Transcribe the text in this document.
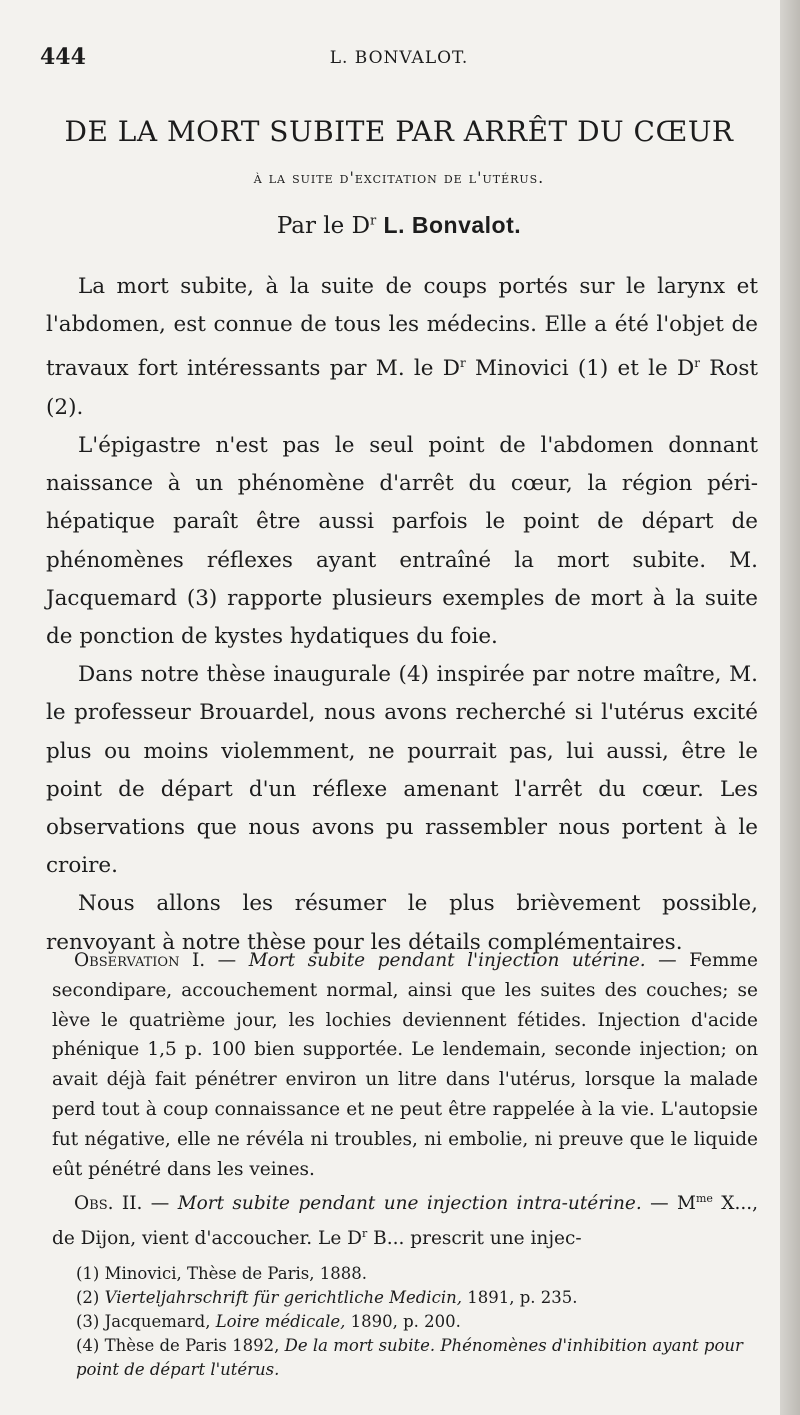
444	L. BONVALOT.
DE LA MORT SUBITE PAR ARRÊT DU CŒUR
à la suite d'excitation de l'utérus.
Par le $D^r$ L. Bonvalot.

La mort subite, à la suite de coups portés sur le larynx et l'abdomen, est connue de tous les médecins. Elle a été l'objet de travaux fort intéressants par M. le $D^r$ Minovici (1) et le $D^r$ Rost (2).

L'épigastre n'est pas le seul point de l'abdomen donnant naissance à un phénomène d'arrêt du cœur, la région péri-hépatique paraît être aussi parfois le point de départ de phénomènes réflexes ayant entraîné la mort subite. M. Jacquemard (3) rapporte plusieurs exemples de mort à la suite de ponction de kystes hydatiques du foie.

Dans notre thèse inaugurale (4) inspirée par notre maître, M. le professeur Brouardel, nous avons recherché si l'utérus excité plus ou moins violemment, ne pourrait pas, lui aussi, être le point de départ d'un réflexe amenant l'arrêt du cœur. Les observations que nous avons pu rassembler nous portent à le croire.

Nous allons les résumer le plus brièvement possible, renvoyant à notre thèse pour les détails complémentaires.

Observation I. — Mort subite pendant l'injection utérine. — Femme secondipare, accouchement normal, ainsi que les suites des couches; se lève le quatrième jour, les lochies deviennent fétides. Injection d'acide phénique 1,5 p. 100 bien supportée. Le lendemain, seconde injection; on avait déjà fait pénétrer environ un litre dans l'utérus, lorsque la malade perd tout à coup connaissance et ne peut être rappelée à la vie. L'autopsie fut négative, elle ne révéla ni troubles, ni embolie, ni preuve que le liquide eût pénétré dans les veines.

Obs. II. — Mort subite pendant une injection intra-utérine. — $M^{me}$ X..., de Dijon, vient d'accoucher. Le $D^r$ B... prescrit une injec-

(1) Minovici, Thèse de Paris, 1888.

(2) Vierteljahrschrift für gerichtliche Medicin, 1891, p. 235.

(3) Jacquemard, Loire médicale, 1890, p. 200.

(4) Thèse de Paris 1892, De la mort subite. Phénomènes d'inhibition ayant pour point de départ l'utérus.
